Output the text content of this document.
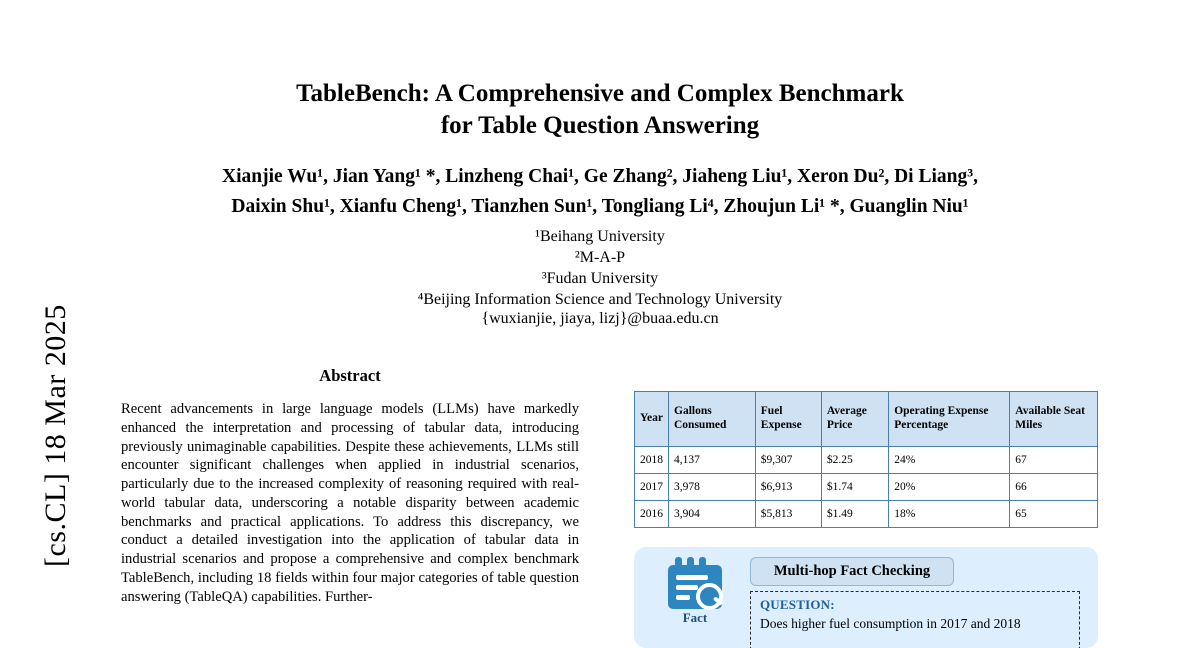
[cs.CL] 18 Mar 2025
TableBench: A Comprehensive and Complex Benchmark
for Table Question Answering
Xianjie Wu¹, Jian Yang¹ *, Linzheng Chai¹, Ge Zhang², Jiaheng Liu¹, Xeron Du², Di Liang³,
Daixin Shu¹, Xianfu Cheng¹, Tianzhen Sun¹, Tongliang Li⁴, Zhoujun Li¹ *, Guanglin Niu¹
¹Beihang University
²M-A-P
³Fudan University
⁴Beijing Information Science and Technology University
{wuxianjie, jiaya, lizj}@buaa.edu.cn
Abstract
Recent advancements in large language models (LLMs) have markedly enhanced the interpretation and processing of tabular data, introducing previously unimaginable capabilities. Despite these achievements, LLMs still encounter significant challenges when applied in industrial scenarios, particularly due to the increased complexity of reasoning required with real-world tabular data, underscoring a notable disparity between academic benchmarks and practical applications. To address this discrepancy, we conduct a detailed investigation into the application of tabular data in industrial scenarios and propose a comprehensive and complex benchmark TableBench, including 18 fields within four major categories of table question answering (TableQA) capabilities. Further-
Year	Gallons Consumed	Fuel Expense	Average Price	Operating Expense Percentage	Available Seat Miles
2018	4,137	$9,307	$2.25	24%	67
2017	3,978	$6,913	$1.74	20%	66
2016	3,904	$5,813	$1.49	18%	65
Fact
Multi-hop Fact Checking
QUESTION:
Does higher fuel consumption in 2017 and 2018
